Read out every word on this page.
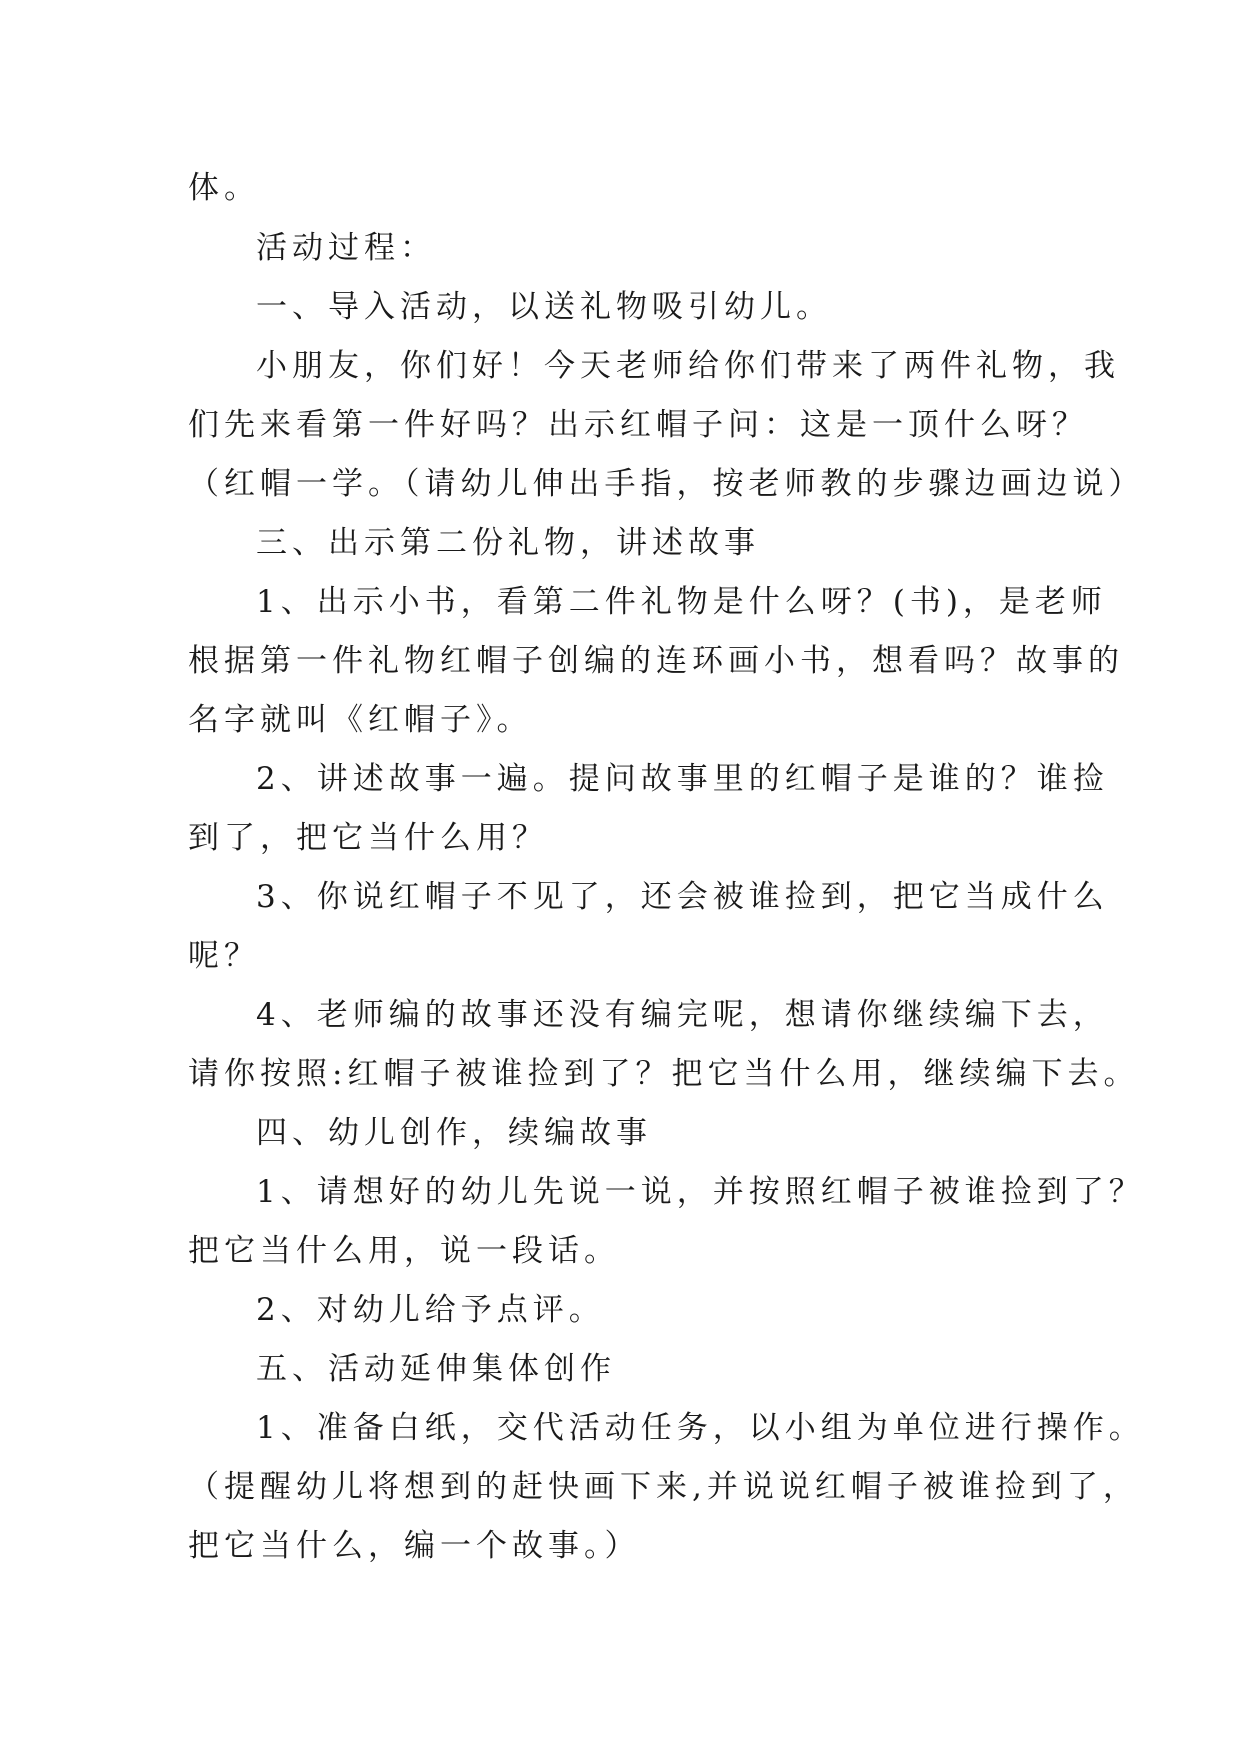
体。
活动过程：
一、导入活动，以送礼物吸引幼儿。
小朋友，你们好！今天老师给你们带来了两件礼物，我
们先来看第一件好吗？出示红帽子问：这是一顶什么呀？
（红帽一学。（请幼儿伸出手指，按老师教的步骤边画边说）
三、出示第二份礼物，讲述故事
1、出示小书，看第二件礼物是什么呀？(书)，是老师
根据第一件礼物红帽子创编的连环画小书，想看吗？故事的
名字就叫《红帽子》。
2、讲述故事一遍。提问故事里的红帽子是谁的？谁捡
到了，把它当什么用？
3、你说红帽子不见了，还会被谁捡到，把它当成什么
呢？
4、老师编的故事还没有编完呢，想请你继续编下去，
请你按照:红帽子被谁捡到了？把它当什么用，继续编下去。
四、幼儿创作，续编故事
1、请想好的幼儿先说一说，并按照红帽子被谁捡到了？
把它当什么用，说一段话。
2、对幼儿给予点评。
五、活动延伸集体创作
1、准备白纸，交代活动任务，以小组为单位进行操作。
（提醒幼儿将想到的赶快画下来,并说说红帽子被谁捡到了，
把它当什么，编一个故事。）
